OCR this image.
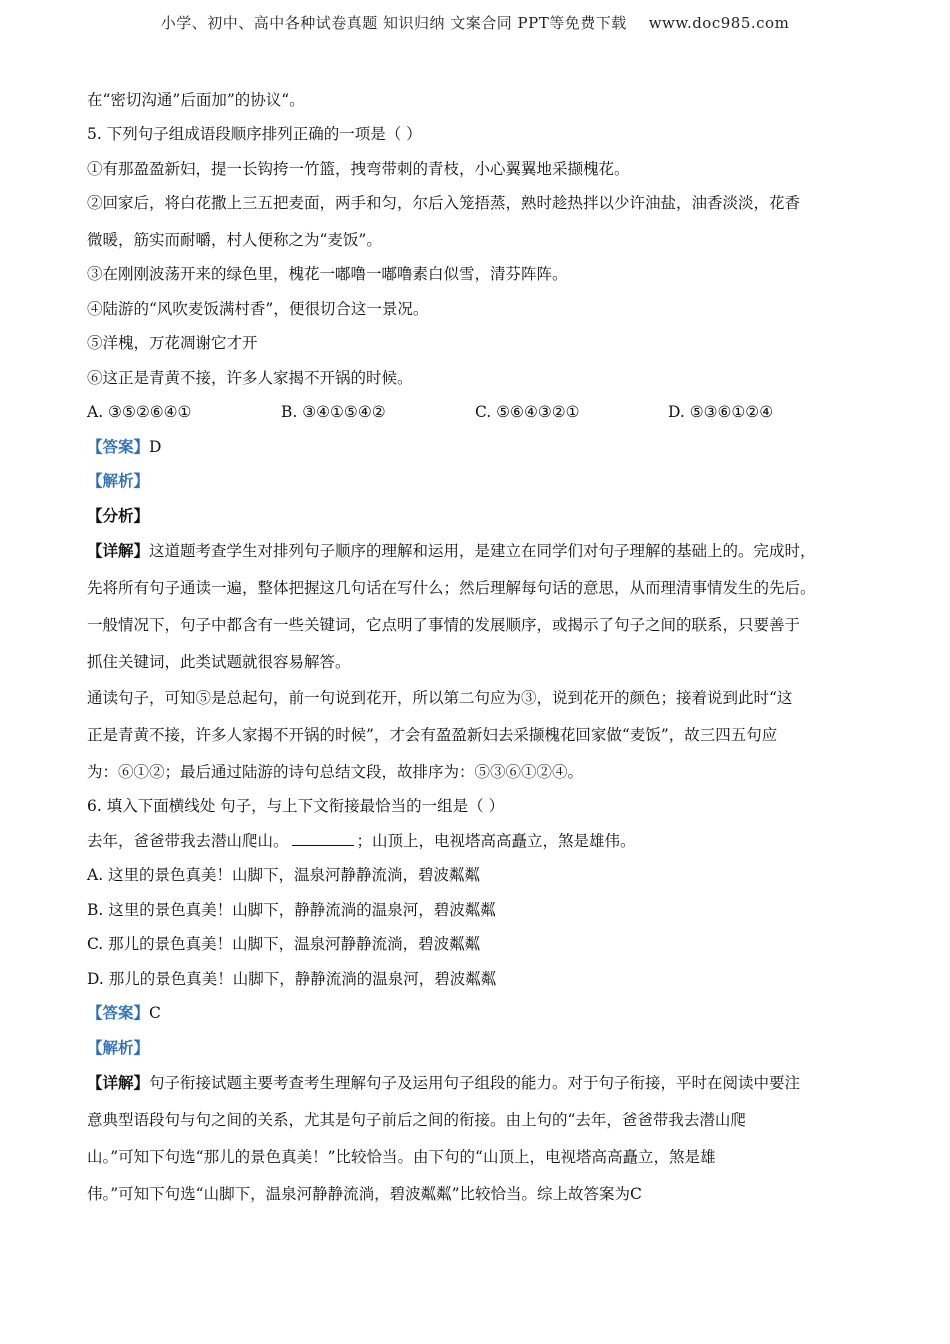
小学、初中、高中各种试卷真题 知识归纳 文案合同 PPT等免费下载 www.doc985.com
在“密切沟通”后面加”的协议“。
5. 下列句子组成语段顺序排列正确的一项是（ ）
①有那盈盈新妇，提一长钩挎一竹篮，拽弯带刺的青枝，小心翼翼地采撷槐花。
②回家后，将白花撒上三五把麦面，两手和匀，尔后入笼捂蒸，熟时趁热拌以少许油盐，油香淡淡，花香
微暖，筋实而耐嚼，村人便称之为“麦饭”。
③在刚刚波荡开来的绿色里，槐花一嘟噜一嘟噜素白似雪，清芬阵阵。
④陆游的“风吹麦饭满村香”，便很切合这一景况。
⑤洋槐，万花凋谢它才开
⑥这正是青黄不接，许多人家揭不开锅的时候。
A. ③⑤②⑥④①	B. ③④①⑤④②	C. ⑤⑥④③②①	D. ⑤③⑥①②④
【答案】D
【解析】
【分析】
【详解】这道题考查学生对排列句子顺序的理解和运用，是建立在同学们对句子理解的基础上的。完成时，
先将所有句子通读一遍，整体把握这几句话在写什么；然后理解每句话的意思，从而理清事情发生的先后。
一般情况下，句子中都含有一些关键词，它点明了事情的发展顺序，或揭示了句子之间的联系，只要善于
抓住关键词，此类试题就很容易解答。
通读句子，可知⑤是总起句，前一句说到花开，所以第二句应为③，说到花开的颜色；接着说到此时“这
正是青黄不接，许多人家揭不开锅的时候”，才会有盈盈新妇去采撷槐花回家做“麦饭”，故三四五句应
为：⑥①②；最后通过陆游的诗句总结文段，故排序为：⑤③⑥①②④。
6. 填入下面横线处 句子，与上下文衔接最恰当的一组是（ ）
去年，爸爸带我去潜山爬山。	；山顶上，电视塔高高矗立，煞是雄伟。
A. 这里的景色真美！山脚下，温泉河静静流淌，碧波粼粼
B. 这里的景色真美！山脚下，静静流淌的温泉河，碧波粼粼
C. 那儿的景色真美！山脚下，温泉河静静流淌，碧波粼粼
D. 那儿的景色真美！山脚下，静静流淌的温泉河，碧波粼粼
【答案】C
【解析】
【详解】句子衔接试题主要考查考生理解句子及运用句子组段的能力。对于句子衔接，平时在阅读中要注
意典型语段句与句之间的关系，尤其是句子前后之间的衔接。由上句的“去年，爸爸带我去潜山爬
山。”可知下句选“那儿的景色真美！”比较恰当。由下句的“山顶上，电视塔高高矗立，煞是雄
伟。”可知下句选“山脚下，温泉河静静流淌，碧波粼粼”比较恰当。综上故答案为C
